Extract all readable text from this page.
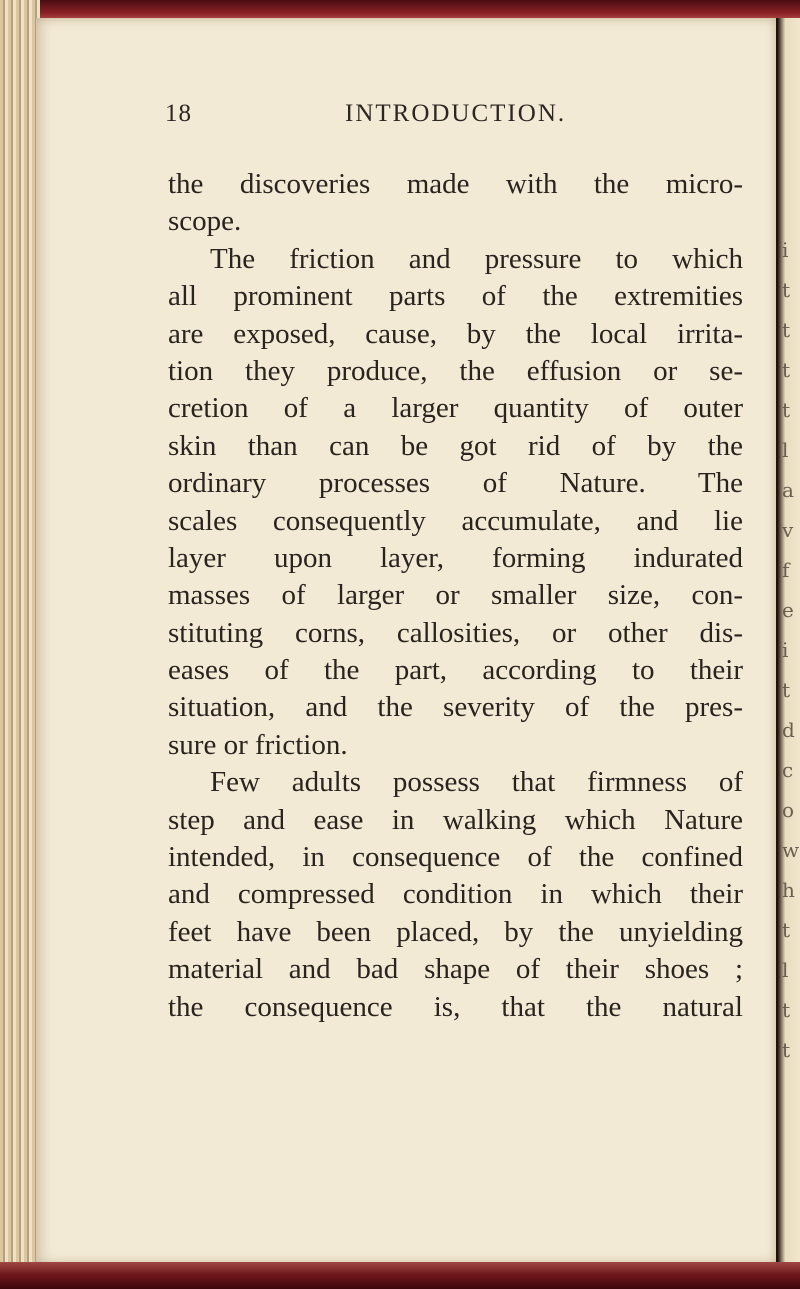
i
t
t
t
t
l
a
v
f
e
i
t
d
c
o
w
h
t
l
t
t
18	INTRODUCTION.
the discoveries made with the micro-
scope.
The friction and pressure to which
all prominent parts of the extremities
are exposed, cause, by the local irrita-
tion they produce, the effusion or se-
cretion of a larger quantity of outer
skin than can be got rid of by the
ordinary processes of Nature. The
scales consequently accumulate, and lie
layer upon layer, forming indurated
masses of larger or smaller size, con-
stituting corns, callosities, or other dis-
eases of the part, according to their
situation, and the severity of the pres-
sure or friction.
Few adults possess that firmness of
step and ease in walking which Nature
intended, in consequence of the confined
and compressed condition in which their
feet have been placed, by the unyielding
material and bad shape of their shoes ;
the consequence is, that the natural
